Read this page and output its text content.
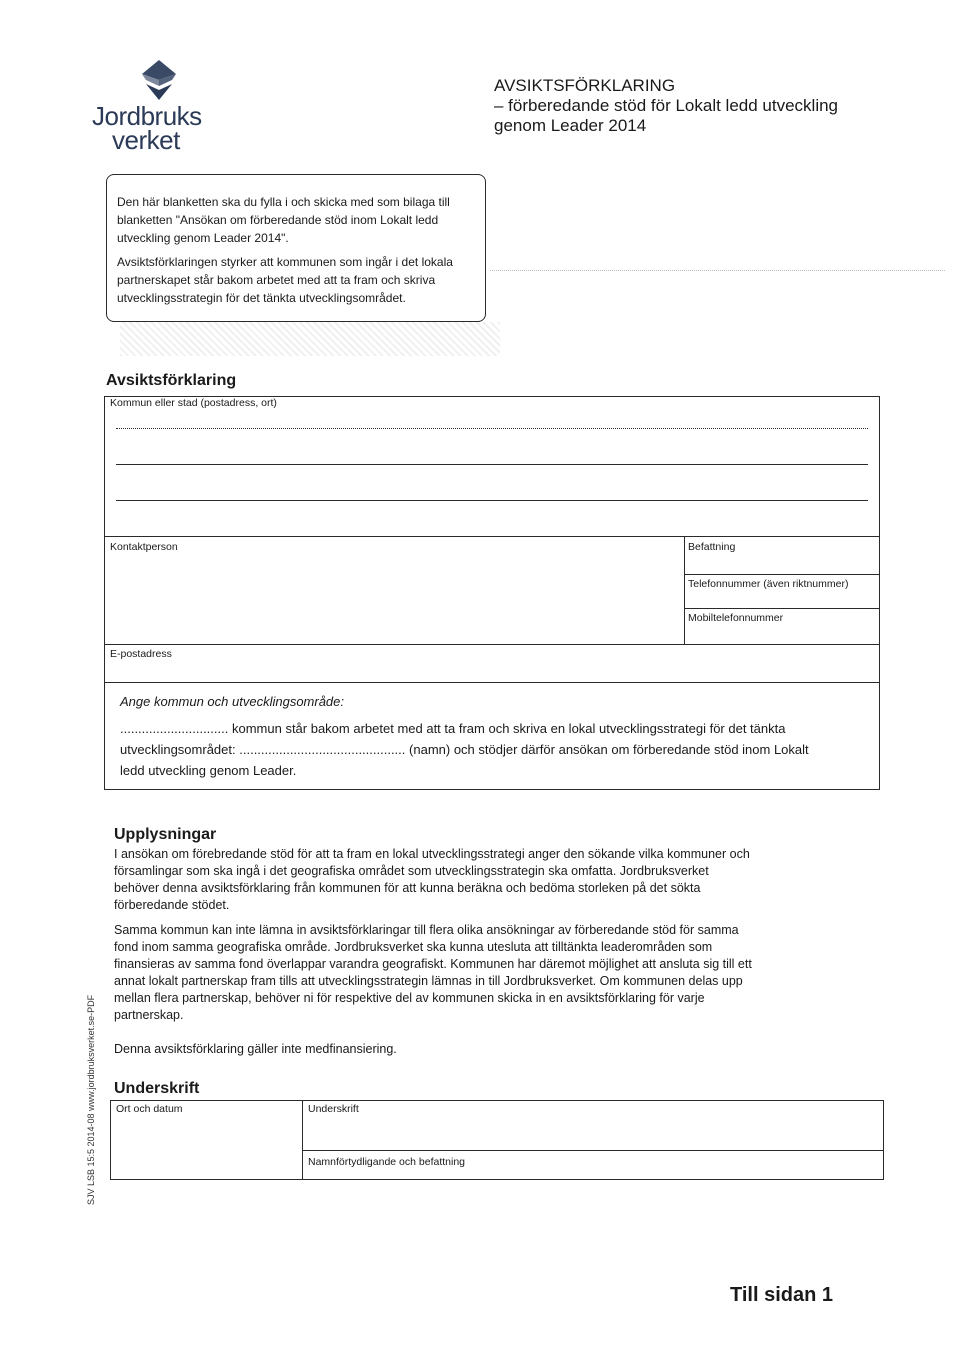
Jordbruks
verket
AVSIKTSFÖRKLARING
– förberedande stöd för Lokalt ledd utveckling
genom Leader 2014

Den här blanketten ska du fylla i och skicka med som bilaga till blanketten "Ansökan om förberedande stöd inom Lokalt ledd utveckling genom Leader 2014".

Avsiktsförklaringen styrker att kommunen som ingår i det lokala partnerskapet står bakom arbetet med att ta fram och skriva utvecklingsstrategin för det tänkta utvecklingsområdet.

Avsiktsförklaring
Kommun eller stad (postadress, ort)
Kontaktperson	Befattning
Telefonnummer (även riktnummer)
Mobiltelefonnummer
E-postadress
Ange kommun och utvecklingsområde:
.............................. kommun står bakom arbetet med att ta fram och skriva en lokal utvecklingsstrategi för det tänkta
utvecklingsområdet: .............................................. (namn) och stödjer därför ansökan om förberedande stöd inom Lokalt
ledd utveckling genom Leader.
Upplysningar

I ansökan om förebredande stöd för att ta fram en lokal utvecklingsstrategi anger den sökande vilka kommuner och församlingar som ska ingå i det geografiska området som utvecklingsstrategin ska omfatta. Jordbruksverket behöver denna avsiktsförklaring från kommunen för att kunna beräkna och bedöma storleken på det sökta förberedande stödet.

Samma kommun kan inte lämna in avsiktsförklaringar till flera olika ansökningar av förberedande stöd för samma fond inom samma geografiska område. Jordbruksverket ska kunna utesluta att tilltänkta leaderområden som finansieras av samma fond överlappar varandra geografiskt. Kommunen har däremot möjlighet att ansluta sig till ett annat lokalt partnerskap fram tills att utvecklingsstrategin lämnas in till Jordbruksverket. Om kommunen delas upp mellan flera partnerskap, behöver ni för respektive del av kommunen skicka in en avsiktsförklaring för varje partnerskap.

Denna avsiktsförklaring gäller inte medfinansiering.
Underskrift
Ort och datum	Underskrift
Namnförtydligande och befattning
SJV LSB 15:5 2014-08 www.jordbruksverket.se-PDF
Till sidan 1
